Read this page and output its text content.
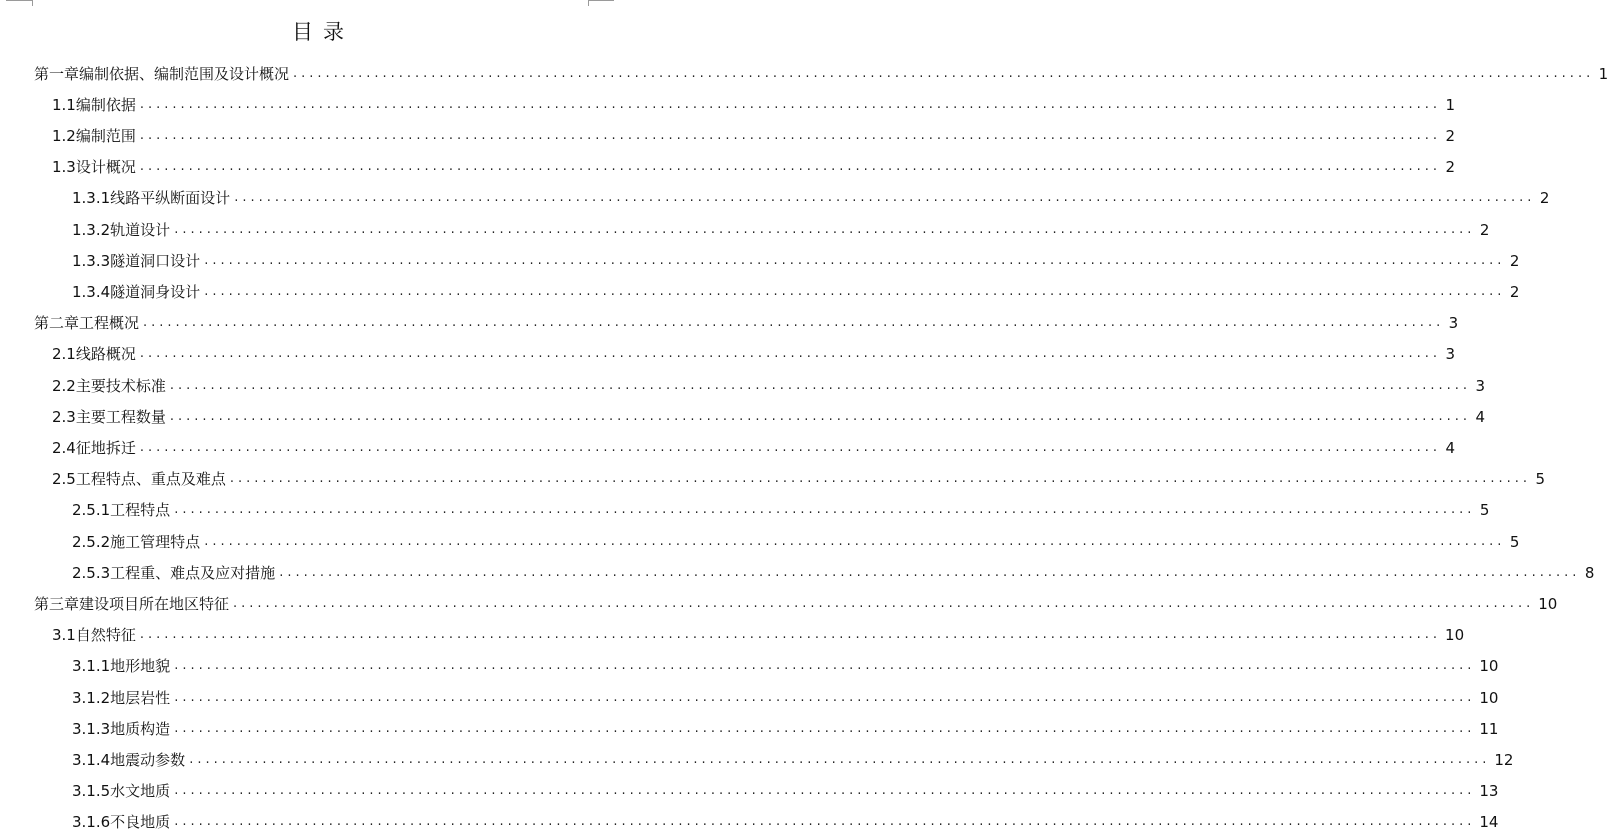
目录
第一章 编制依据、编制范围及设计概况 ................................................................................................................................................................ 1
1.1 编制依据 ................................................................................................................................................................ 1
1.2 编制范围 ................................................................................................................................................................ 2
1.3 设计概况 ................................................................................................................................................................ 2
1.3.1 线路平纵断面设计 ................................................................................................................................................................ 2
1.3.2 轨道设计 ................................................................................................................................................................ 2
1.3.3 隧道洞口设计 ................................................................................................................................................................ 2
1.3.4 隧道洞身设计 ................................................................................................................................................................ 2
第二章 工程概况 ................................................................................................................................................................ 3
2.1 线路概况 ................................................................................................................................................................ 3
2.2 主要技术标准 ................................................................................................................................................................ 3
2.3 主要工程数量 ................................................................................................................................................................ 4
2.4 征地拆迁 ................................................................................................................................................................ 4
2.5 工程特点、重点及难点 ................................................................................................................................................................ 5
2.5.1 工程特点 ................................................................................................................................................................ 5
2.5.2 施工管理特点 ................................................................................................................................................................ 5
2.5.3 工程重、难点及应对措施 ................................................................................................................................................................ 8
第三章 建设项目所在地区特征 ................................................................................................................................................................ 10
3.1 自然特征 ................................................................................................................................................................ 10
3.1.1 地形地貌 ................................................................................................................................................................ 10
3.1.2 地层岩性 ................................................................................................................................................................ 10
3.1.3 地质构造 ................................................................................................................................................................ 11
3.1.4 地震动参数 ................................................................................................................................................................ 12
3.1.5 水文地质 ................................................................................................................................................................ 13
3.1.6 不良地质 ................................................................................................................................................................ 14
